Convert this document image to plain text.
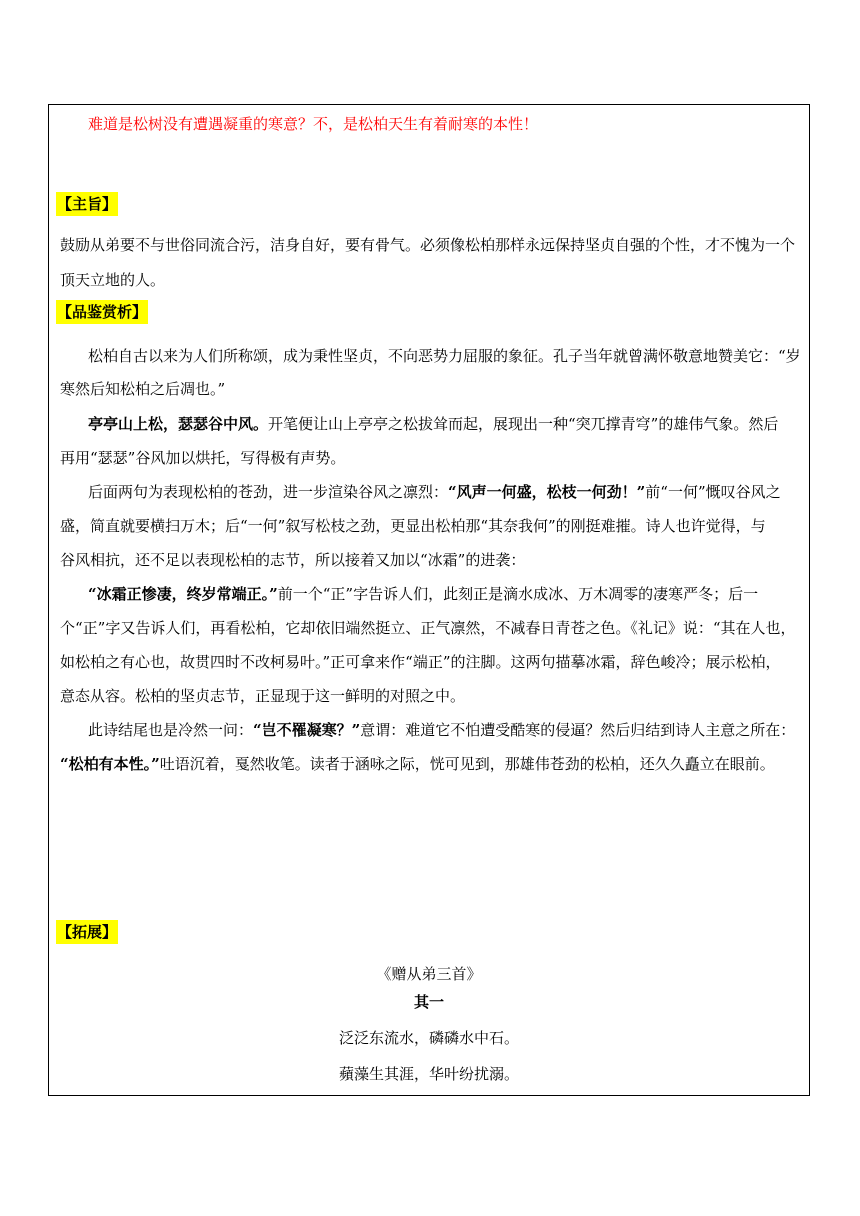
难道是松树没有遭遇凝重的寒意？不，是松柏天生有着耐寒的本性！
【主旨】
鼓励从弟要不与世俗同流合污，洁身自好，要有骨气。必须像松柏那样永远保持坚贞自强的个性，才不愧为一个
顶天立地的人。
【品鉴赏析】
松柏自古以来为人们所称颂，成为秉性坚贞，不向恶势力屈服的象征。孔子当年就曾满怀敬意地赞美它：“岁
寒然后知松柏之后凋也。”
亭亭山上松，瑟瑟谷中风。开笔便让山上亭亭之松拔耸而起，展现出一种“突兀撑青穹”的雄伟气象。然后
再用“瑟瑟”谷风加以烘托，写得极有声势。
后面两句为表现松柏的苍劲，进一步渲染谷风之凛烈：“风声一何盛，松枝一何劲！”前“一何”慨叹谷风之
盛，简直就要横扫万木；后“一何”叙写松枝之劲，更显出松柏那“其奈我何”的刚挺难摧。诗人也许觉得，与
谷风相抗，还不足以表现松柏的志节，所以接着又加以“冰霜”的进袭：
“冰霜正惨凄，终岁常端正。”前一个“正”字告诉人们，此刻正是滴水成冰、万木凋零的凄寒严冬；后一
个“正”字又告诉人们，再看松柏，它却依旧端然挺立、正气凛然，不减春日青苍之色。《礼记》说：“其在人也，
如松柏之有心也，故贯四时不改柯易叶。”正可拿来作“端正”的注脚。这两句描摹冰霜，辞色峻冷；展示松柏，
意态从容。松柏的坚贞志节，正显现于这一鲜明的对照之中。
此诗结尾也是冷然一问：“岂不罹凝寒？”意谓：难道它不怕遭受酷寒的侵逼？然后归结到诗人主意之所在：
“松柏有本性。”吐语沉着，戛然收笔。读者于涵咏之际，恍可见到，那雄伟苍劲的松柏，还久久矗立在眼前。
【拓展】
《赠从弟三首》
其一
泛泛东流水，磷磷水中石。
蘋藻生其涯，华叶纷扰溺。
